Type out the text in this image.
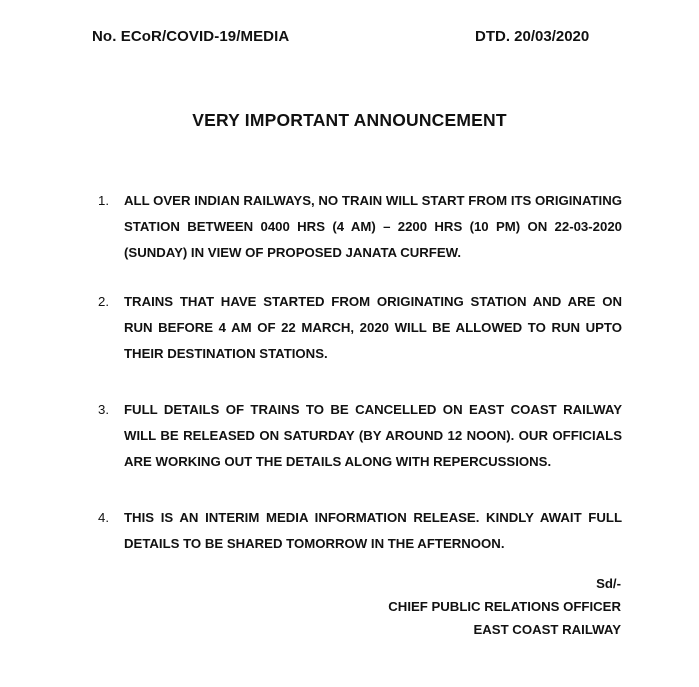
No. ECoR/COVID-19/MEDIA	DTD. 20/03/2020
VERY IMPORTANT ANNOUNCEMENT
1. ALL OVER INDIAN RAILWAYS, NO TRAIN WILL START FROM ITS ORIGINATING STATION BETWEEN 0400 HRS (4 AM) – 2200 HRS (10 PM) ON 22-03-2020 (SUNDAY) IN VIEW OF PROPOSED JANATA CURFEW.
2. TRAINS THAT HAVE STARTED FROM ORIGINATING STATION AND ARE ON RUN BEFORE 4 AM OF 22 MARCH, 2020 WILL BE ALLOWED TO RUN UPTO THEIR DESTINATION STATIONS.
3. FULL DETAILS OF TRAINS TO BE CANCELLED ON EAST COAST RAILWAY WILL BE RELEASED ON SATURDAY (BY AROUND 12 NOON). OUR OFFICIALS ARE WORKING OUT THE DETAILS ALONG WITH REPERCUSSIONS.
4. THIS IS AN INTERIM MEDIA INFORMATION RELEASE. KINDLY AWAIT FULL DETAILS TO BE SHARED TOMORROW IN THE AFTERNOON.
Sd/-
CHIEF PUBLIC RELATIONS OFFICER
EAST COAST RAILWAY
